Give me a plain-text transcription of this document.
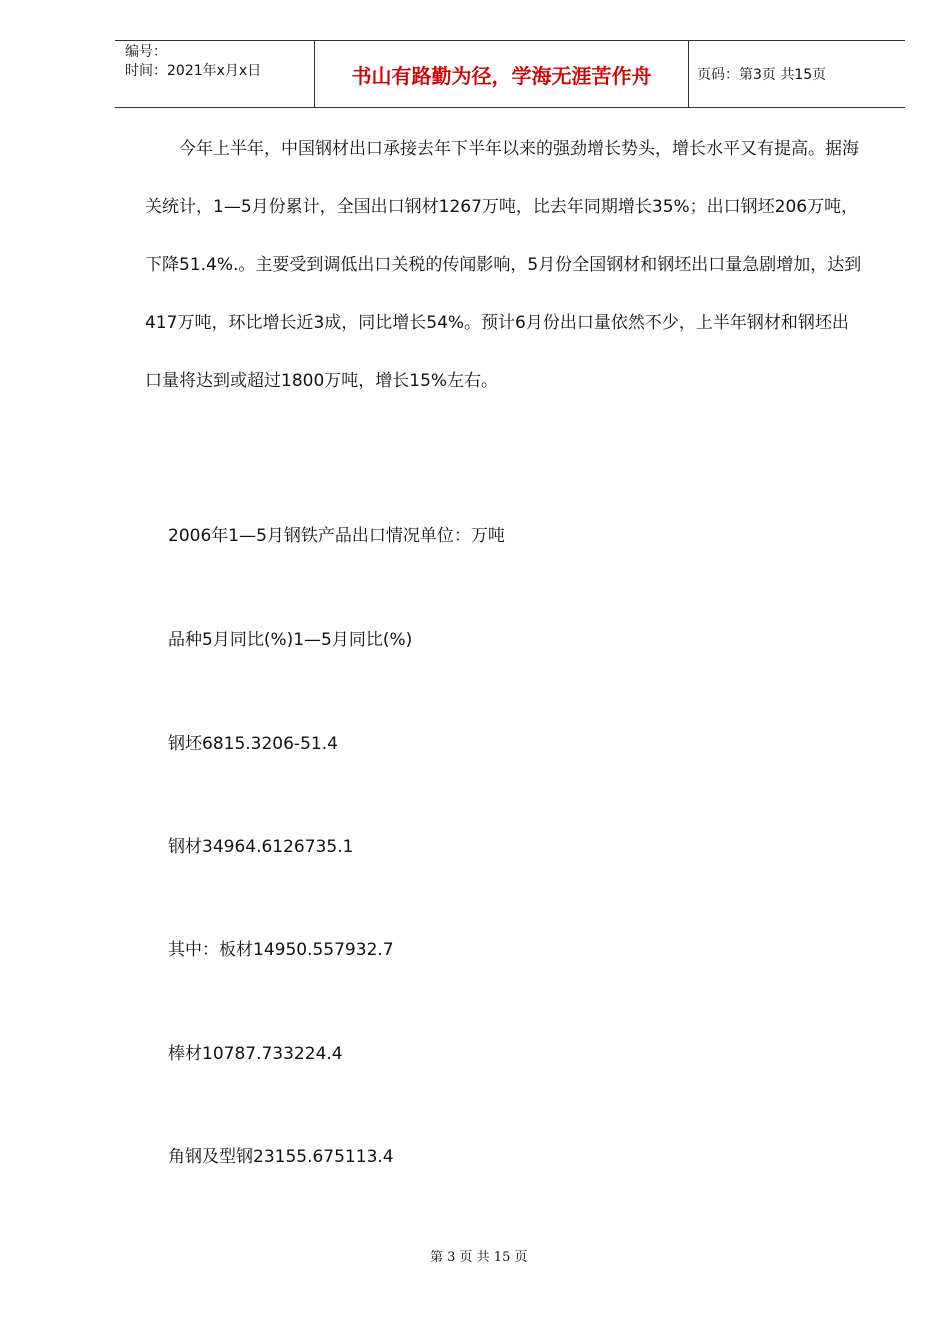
编号：
时间：2021年x月x日	书山有路勤为径，学海无涯苦作舟	页码：第3页 共15页

今年上半年，中国钢材出口承接去年下半年以来的强劲增长势头，增长水平又有提高。据海关统计，1—5月份累计，全国出口钢材1267万吨，比去年同期增长35%；出口钢坯206万吨，下降51.4%.。主要受到调低出口关税的传闻影响，5月份全国钢材和钢坯出口量急剧增加，达到417万吨，环比增长近3成，同比增长54%。预计6月份出口量依然不少，上半年钢材和钢坯出口量将达到或超过1800万吨，增长15%左右。

2006年1—5月钢铁产品出口情况单位：万吨
品种5月同比(%)1—5月同比(%)
钢坯6815.3206-51.4
钢材34964.6126735.1
其中：板材14950.557932.7
棒材10787.733224.4
角钢及型钢23155.675113.4
第 3 页 共 15 页
